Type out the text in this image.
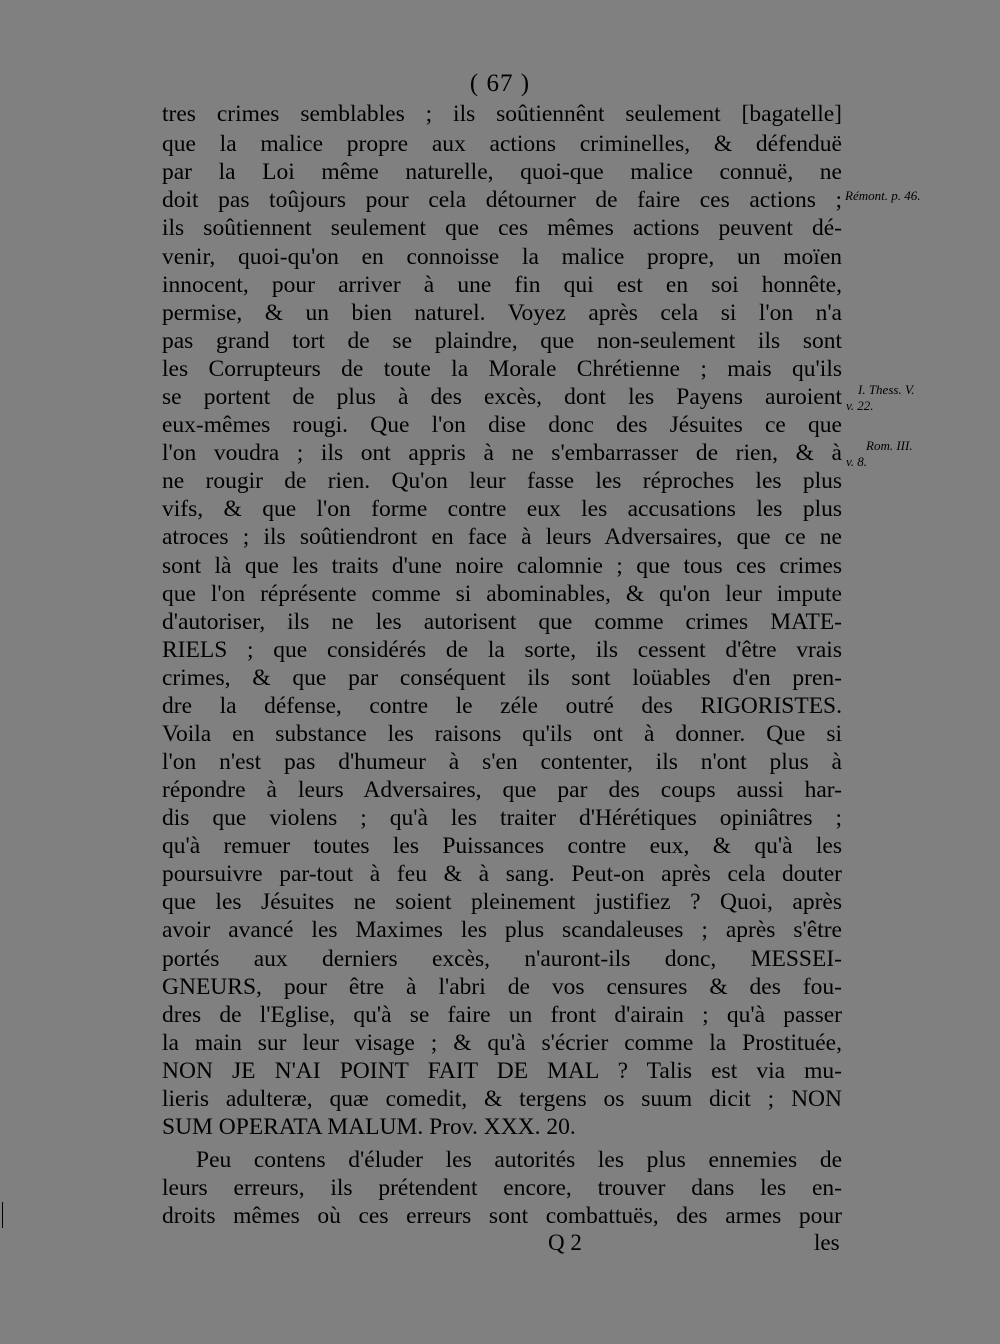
( 67 )
tres crimes semblables ; ils soûtiennênt seulement [bagatelle]
que la malice propre aux actions criminelles, & défenduë
par la Loi même naturelle, quoi-que malice connuë, ne
doit pas toûjours pour cela détourner de faire ces actions ;
ils soûtiennent seulement que ces mêmes actions peuvent dé-
venir, quoi-qu'on en connoisse la malice propre, un moïen
innocent, pour arriver à une fin qui est en soi honnête,
permise, & un bien naturel. Voyez après cela si l'on n'a
pas grand tort de se plaindre, que non-seulement ils sont
les Corrupteurs de toute la Morale Chrétienne ; mais qu'ils
se portent de plus à des excès, dont les Payens auroient
eux-mêmes rougi. Que l'on dise donc des Jésuites ce que
l'on voudra ; ils ont appris à ne s'embarrasser de rien, & à
ne rougir de rien. Qu'on leur fasse les réproches les plus
vifs, & que l'on forme contre eux les accusations les plus
atroces ; ils soûtiendront en face à leurs Adversaires, que ce ne
sont là que les traits d'une noire calomnie ; que tous ces crimes
que l'on réprésente comme si abominables, & qu'on leur impute
d'autoriser, ils ne les autorisent que comme crimes MATE-
RIELS ; que considérés de la sorte, ils cessent d'être vrais
crimes, & que par conséquent ils sont loüables d'en pren-
dre la défense, contre le zéle outré des RIGORISTES.
Voila en substance les raisons qu'ils ont à donner. Que si
l'on n'est pas d'humeur à s'en contenter, ils n'ont plus à
répondre à leurs Adversaires, que par des coups aussi har-
dis que violens ; qu'à les traiter d'Hérétiques opiniâtres ;
qu'à remuer toutes les Puissances contre eux, & qu'à les
poursuivre par-tout à feu & à sang. Peut-on après cela douter
que les Jésuites ne soient pleinement justifiez ? Quoi, après
avoir avancé les Maximes les plus scandaleuses ; après s'être
portés aux derniers excès, n'auront-ils donc, MESSEI-
GNEURS, pour être à l'abri de vos censures & des fou-
dres de l'Eglise, qu'à se faire un front d'airain ; qu'à passer
la main sur leur visage ; & qu'à s'écrier comme la Prostituée,
NON JE N'AI POINT FAIT DE MAL ? Talis est via mu-
lieris adulteræ, quæ comedit, & tergens os suum dicit ; NON
SUM OPERATA MALUM. Prov. XXX. 20.
Peu contens d'éluder les autorités les plus ennemies de
leurs erreurs, ils prétendent encore, trouver dans les en-
droits mêmes où ces erreurs sont combattuës, des armes pour
Rémont. p. 46.
I. Thess. V.
v. 22.
Rom. III.
v. 8.
Q 2	les
